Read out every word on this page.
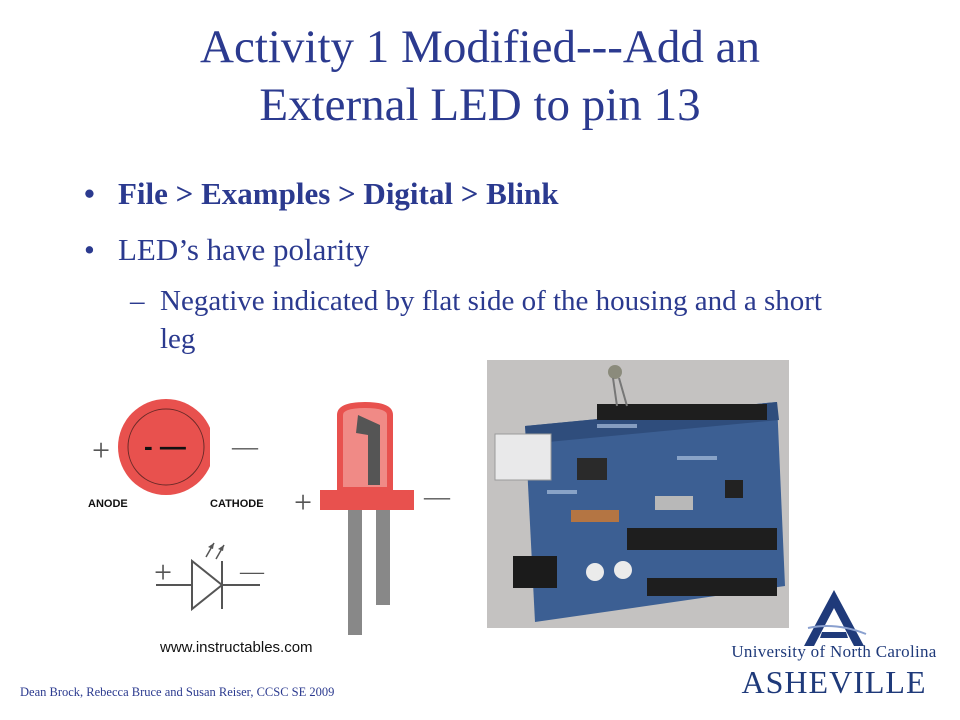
Activity 1 Modified---Add an
External LED to pin 13
• File > Examples > Digital > Blink
• LED’s have polarity
– Negative indicated by flat side of the housing and a short leg
- —
+	—
ANODE	CATHODE
+	—
+	—
www.instructables.com
Dean Brock, Rebecca Bruce and Susan Reiser, CCSC SE 2009
University of North Carolina
ASHEVILLE
